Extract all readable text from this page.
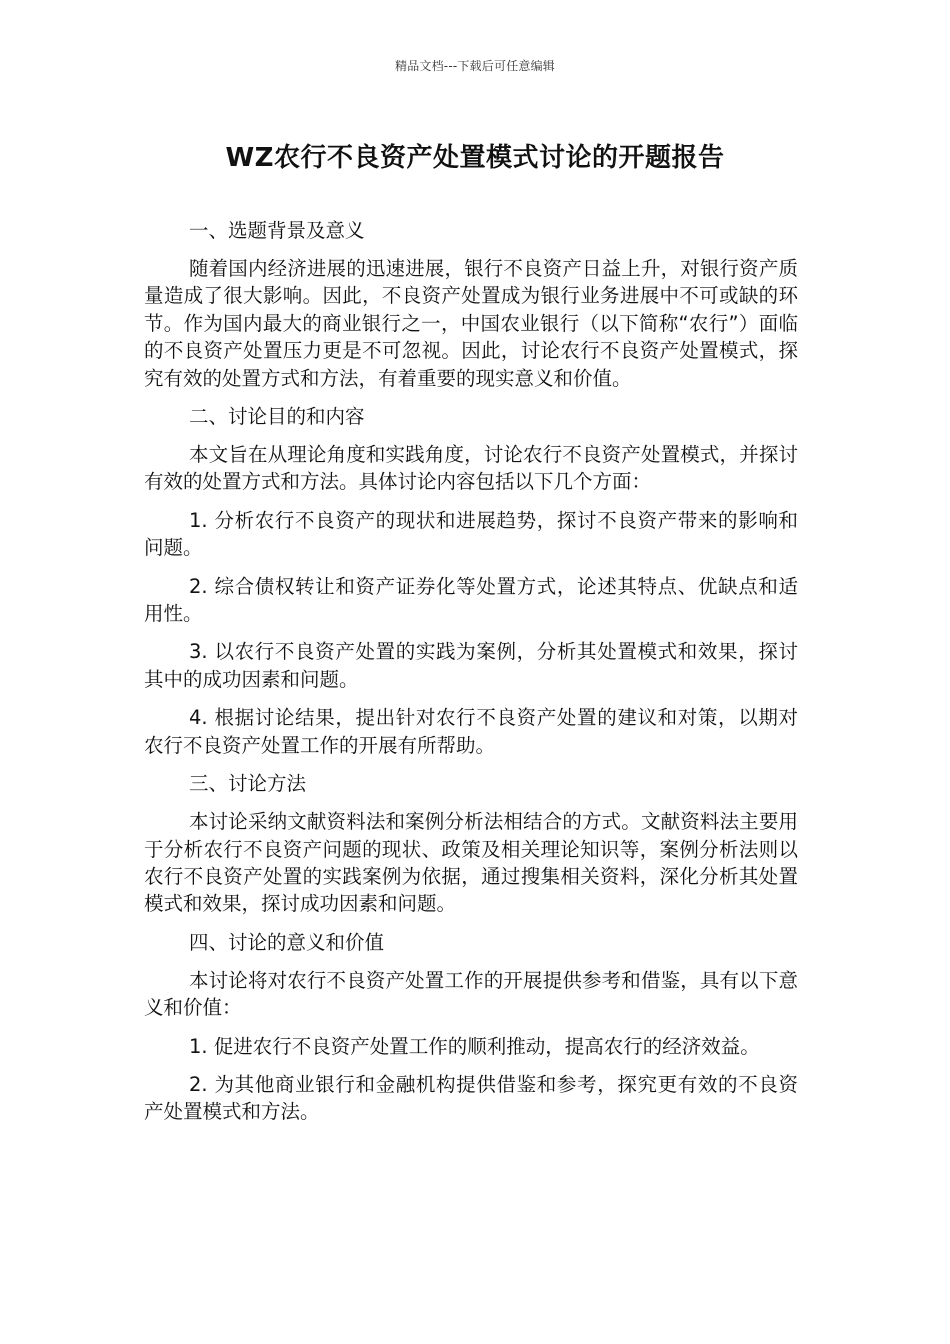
精品文档---下载后可任意编辑
WZ农行不良资产处置模式讨论的开题报告
一、选题背景及意义
随着国内经济进展的迅速进展，银行不良资产日益上升，对银行资产质量造成了很大影响。因此，不良资产处置成为银行业务进展中不可或缺的环节。作为国内最大的商业银行之一，中国农业银行（以下简称“农行”）面临的不良资产处置压力更是不可忽视。因此，讨论农行不良资产处置模式，探究有效的处置方式和方法，有着重要的现实意义和价值。
二、讨论目的和内容
本文旨在从理论角度和实践角度，讨论农行不良资产处置模式，并探讨有效的处置方式和方法。具体讨论内容包括以下几个方面：
1. 分析农行不良资产的现状和进展趋势，探讨不良资产带来的影响和问题。
2. 综合债权转让和资产证券化等处置方式，论述其特点、优缺点和适用性。
3. 以农行不良资产处置的实践为案例，分析其处置模式和效果，探讨其中的成功因素和问题。
4. 根据讨论结果，提出针对农行不良资产处置的建议和对策，以期对农行不良资产处置工作的开展有所帮助。
三、讨论方法
本讨论采纳文献资料法和案例分析法相结合的方式。文献资料法主要用于分析农行不良资产问题的现状、政策及相关理论知识等，案例分析法则以农行不良资产处置的实践案例为依据，通过搜集相关资料，深化分析其处置模式和效果，探讨成功因素和问题。
四、讨论的意义和价值
本讨论将对农行不良资产处置工作的开展提供参考和借鉴，具有以下意义和价值：
1. 促进农行不良资产处置工作的顺利推动，提高农行的经济效益。
2. 为其他商业银行和金融机构提供借鉴和参考，探究更有效的不良资产处置模式和方法。
